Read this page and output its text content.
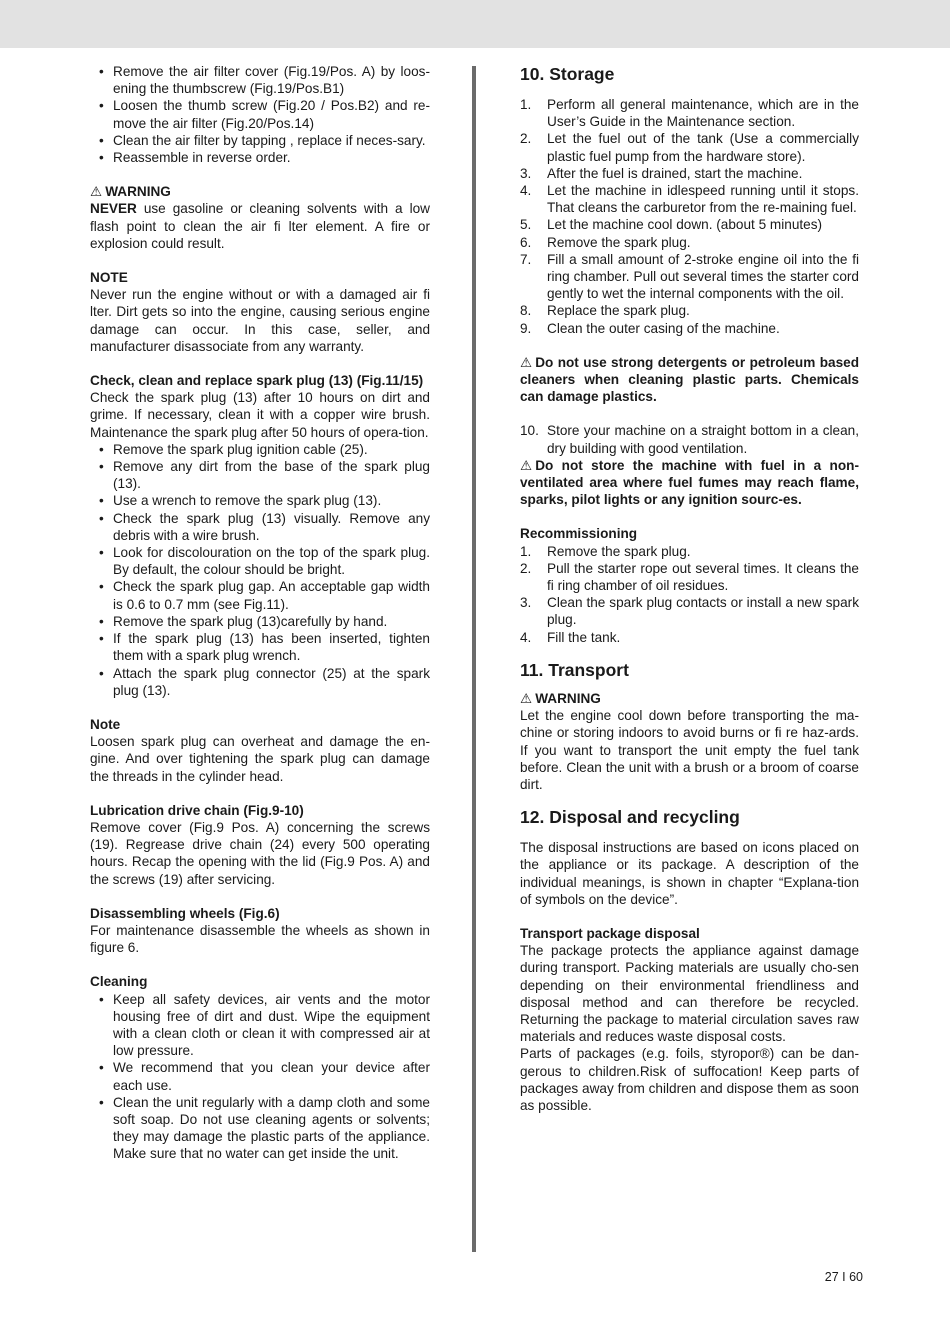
• Remove the air filter cover (Fig.19/Pos. A) by loos-ening the thumbscrew (Fig.19/Pos.B1)
• Loosen the thumb screw (Fig.20 / Pos.B2) and re-move the air filter (Fig.20/Pos.14)
• Clean the air filter by tapping , replace if neces-sary.
• Reassemble in reverse order.

⚠ WARNING

NEVER use gasoline or cleaning solvents with a low flash point to clean the air fi lter element. A fire or explosion could result.

NOTE

Never run the engine without or with a damaged air fi lter. Dirt gets so into the engine, causing serious engine damage can occur. In this case, seller, and manufacturer disassociate from any warranty.

Check, clean and replace spark plug (13) (Fig.11/15)

Check the spark plug (13) after 10 hours on dirt and grime. If necessary, clean it with a copper wire brush. Maintenance the spark plug after 50 hours of opera-tion.

• Remove the spark plug ignition cable (25).
• Remove any dirt from the base of the spark plug (13).
• Use a wrench to remove the spark plug (13).
• Check the spark plug (13) visually. Remove any debris with a wire brush.
• Look for discolouration on the top of the spark plug. By default, the colour should be bright.
• Check the spark plug gap. An acceptable gap width is 0.6 to 0.7 mm (see Fig.11).
• Remove the spark plug (13)carefully by hand.
• If the spark plug (13) has been inserted, tighten them with a spark plug wrench.
• Attach the spark plug connector (25) at the spark plug (13).

Note

Loosen spark plug can overheat and damage the en-gine. And over tightening the spark plug can damage the threads in the cylinder head.

Lubrication drive chain (Fig.9-10)

Remove cover (Fig.9 Pos. A) concerning the screws (19). Regrease drive chain (24) every 500 operating hours. Recap the opening with the lid (Fig.9 Pos. A) and the screws (19) after servicing.

Disassembling wheels (Fig.6)

For maintenance disassemble the wheels as shown in figure 6.

Cleaning

• Keep all safety devices, air vents and the motor housing free of dirt and dust. Wipe the equipment with a clean cloth or clean it with compressed air at low pressure.
• We recommend that you clean your device after each use.
• Clean the unit regularly with a damp cloth and some soft soap. Do not use cleaning agents or solvents; they may damage the plastic parts of the appliance. Make sure that no water can get inside the unit.
10. Storage
1. Perform all general maintenance, which are in the User’s Guide in the Maintenance section.
2. Let the fuel out of the tank (Use a commercially plastic fuel pump from the hardware store).
3. After the fuel is drained, start the machine.
4. Let the machine in idlespeed running until it stops. That cleans the carburetor from the re-maining fuel.
5. Let the machine cool down. (about 5 minutes)
6. Remove the spark plug.
7. Fill a small amount of 2-stroke engine oil into the fi ring chamber. Pull out several times the starter cord gently to wet the internal components with the oil.
8. Replace the spark plug.
9. Clean the outer casing of the machine.

⚠ Do not use strong detergents or petroleum based cleaners when cleaning plastic parts. Chemicals can damage plastics.

10. Store your machine on a straight bottom in a clean, dry building with good ventilation.

⚠ Do not store the machine with fuel in a non-ventilated area where fuel fumes may reach flame, sparks, pilot lights or any ignition sourc-es.

Recommissioning

1. Remove the spark plug.
2. Pull the starter rope out several times. It cleans the fi ring chamber of oil residues.
3. Clean the spark plug contacts or install a new spark plug.
4. Fill the tank.
11. Transport

⚠ WARNING

Let the engine cool down before transporting the ma-chine or storing indoors to avoid burns or fi re haz-ards. If you want to transport the unit empty the fuel tank before. Clean the unit with a brush or a broom of coarse dirt.

12. Disposal and recycling

The disposal instructions are based on icons placed on the appliance or its package. A description of the individual meanings, is shown in chapter “Explana-tion of symbols on the device”.

Transport package disposal

The package protects the appliance against damage during transport. Packing materials are usually cho-sen depending on their environmental friendliness and disposal method and can therefore be recycled. Returning the package to material circulation saves raw materials and reduces waste disposal costs.

Parts of packages (e.g. foils, styropor®) can be dan-gerous to children.Risk of suffocation! Keep parts of packages away from children and dispose them as soon as possible.

27 I 60
